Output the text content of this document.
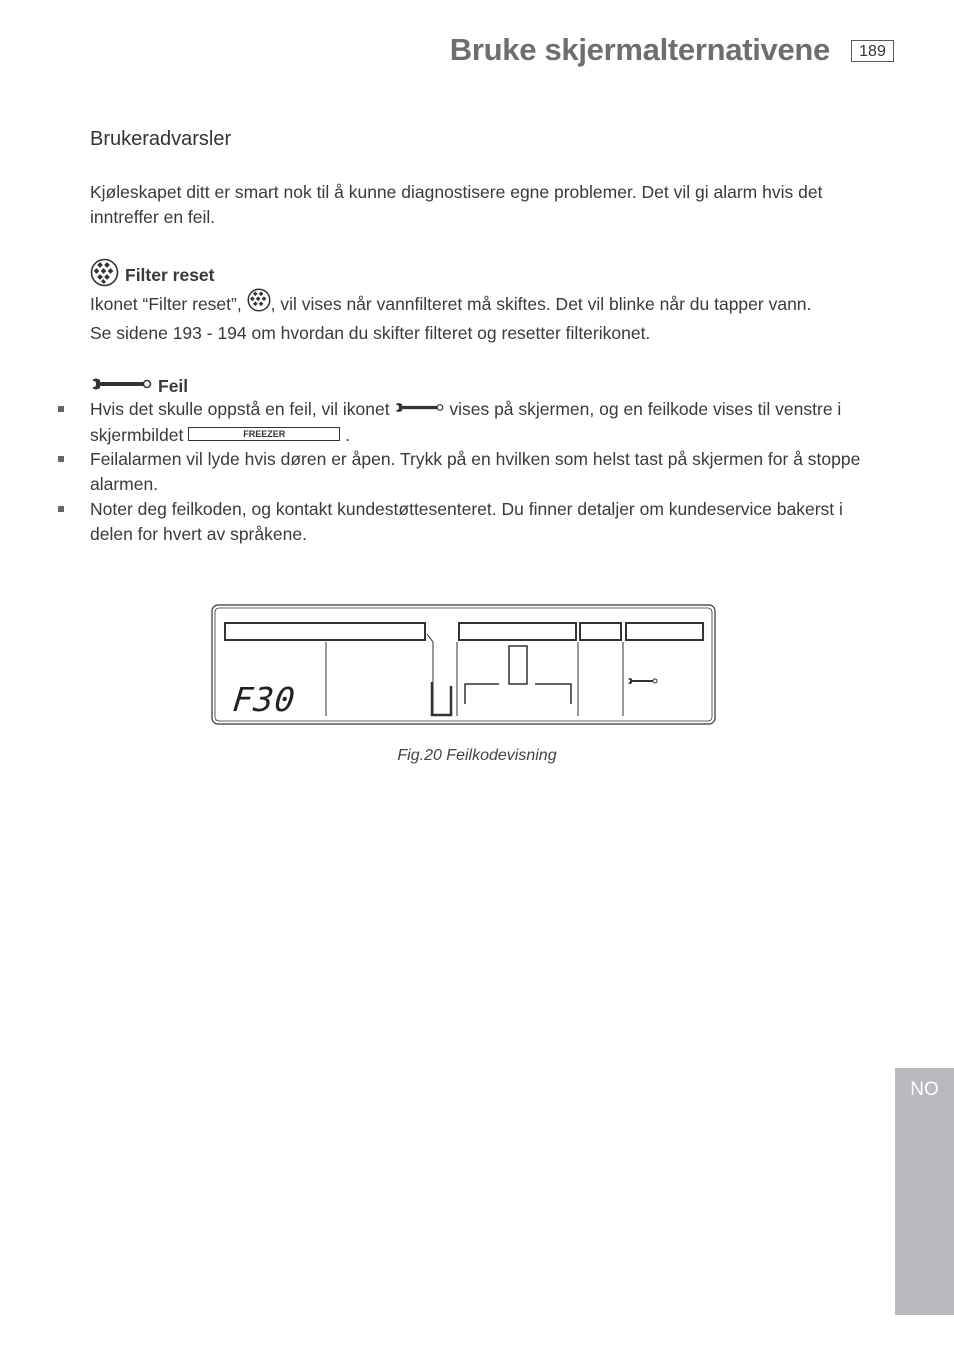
Bruke skjermalternativene	189
Brukeradvarsler
Kjøleskapet ditt er smart nok til å kunne diagnostisere egne problemer. Det vil gi alarm hvis det inntreffer en feil.
Filter reset
Ikonet “Filter reset”, , vil vises når vannfilteret må skiftes. Det vil blinke når du tapper vann.
Se sidene 193 - 194 om hvordan du skifter filteret og resetter filterikonet.
Feil
Hvis det skulle oppstå en feil, vil ikonet	vises på skjermen, og en feilkode vises til venstre i
skjermbildet	FREEZER	.
Feilalarmen vil lyde hvis døren er åpen. Trykk på en hvilken som helst tast på skjermen for å stoppe alarmen.
Noter deg feilkoden, og kontakt kundestøttesenteret. Du finner detaljer om kundeservice bakerst i delen for hvert av språkene.
F30
Fig.20 Feilkodevisning
NO
